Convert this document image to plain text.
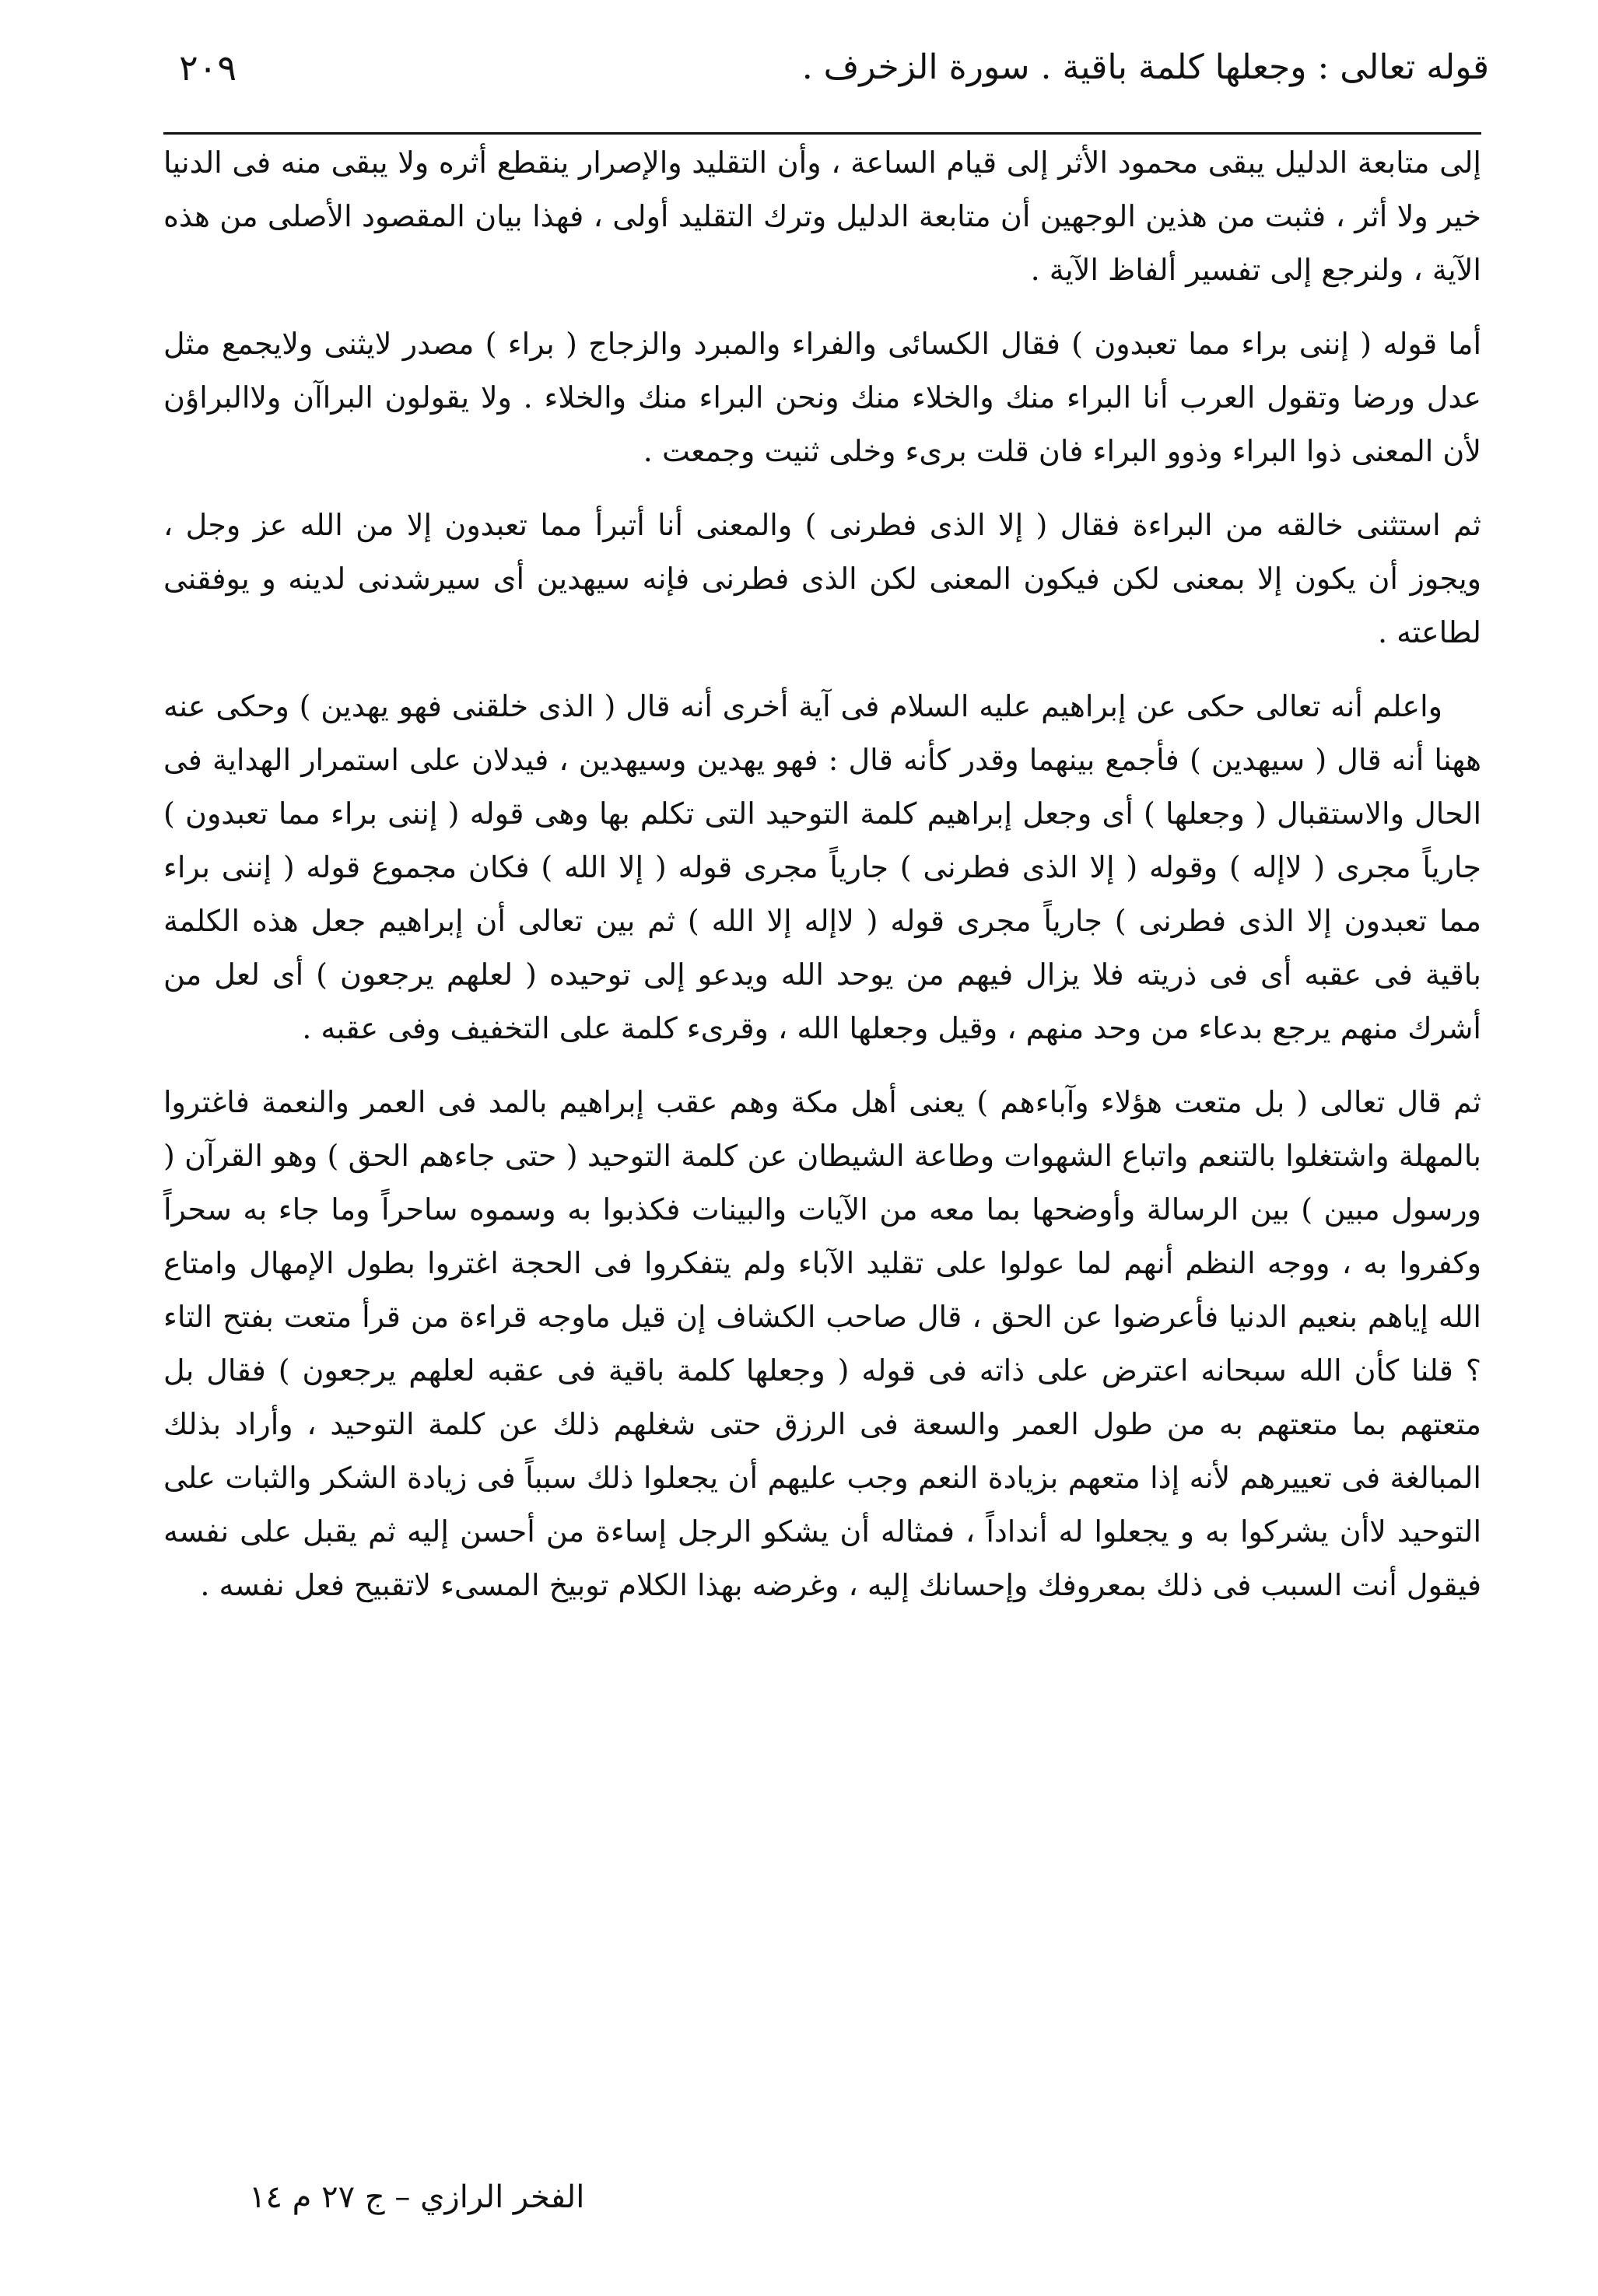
قوله تعالى : وجعلها كلمة باقية . سورة الزخرف .
٢٠٩

إلى متابعة الدليل يبقى محمود الأثر إلى قيام الساعة ، وأن التقليد والإصرار ينقطع أثره ولا يبقى منه فى الدنيا خير ولا أثر ، فثبت من هذين الوجهين أن متابعة الدليل وترك التقليد أولى ، فهذا بيان المقصود الأصلى من هذه الآية ، ولنرجع إلى تفسير ألفاظ الآية .

أما قوله ( إننى براء مما تعبدون ) فقال الكسائى والفراء والمبرد والزجاج ( براء ) مصدر لايثنى ولايجمع مثل عدل ورضا وتقول العرب أنا البراء منك والخلاء منك ونحن البراء منك والخلاء . ولا يقولون البراآن ولاالبراؤن لأن المعنى ذوا البراء وذوو البراء فان قلت برىء وخلى ثنيت وجمعت .

ثم استثنى خالقه من البراءة فقال ( إلا الذى فطرنى ) والمعنى أنا أتبرأ مما تعبدون إلا من الله عز وجل ، ويجوز أن يكون إلا بمعنى لكن فيكون المعنى لكن الذى فطرنى فإنه سيهدين أى سيرشدنى لدينه و يوفقنى لطاعته .

واعلم أنه تعالى حكى عن إبراهيم عليه السلام فى آية أخرى أنه قال ( الذى خلقنى فهو يهدين ) وحكى عنه ههنا أنه قال ( سيهدين ) فأجمع بينهما وقدر كأنه قال : فهو يهدين وسيهدين ، فيدلان على استمرار الهداية فى الحال والاستقبال ( وجعلها ) أى وجعل إبراهيم كلمة التوحيد التى تكلم بها وهى قوله ( إننى براء مما تعبدون ) جارياً مجرى ( لاإله ) وقوله ( إلا الذى فطرنى ) جارياً مجرى قوله ( إلا الله ) فكان مجموع قوله ( إننى براء مما تعبدون إلا الذى فطرنى ) جارياً مجرى قوله ( لاإله إلا الله ) ثم بين تعالى أن إبراهيم جعل هذه الكلمة باقية فى عقبه أى فى ذريته فلا يزال فيهم من يوحد الله ويدعو إلى توحيده ( لعلهم يرجعون ) أى لعل من أشرك منهم يرجع بدعاء من وحد منهم ، وقيل وجعلها الله ، وقرىء كلمة على التخفيف وفى عقبه .

ثم قال تعالى ( بل متعت هؤلاء وآباءهم ) يعنى أهل مكة وهم عقب إبراهيم بالمد فى العمر والنعمة فاغتروا بالمهلة واشتغلوا بالتنعم واتباع الشهوات وطاعة الشيطان عن كلمة التوحيد ( حتى جاءهم الحق ) وهو القرآن ( ورسول مبين ) بين الرسالة وأوضحها بما معه من الآيات والبينات فكذبوا به وسموه ساحراً وما جاء به سحراً وكفروا به ، ووجه النظم أنهم لما عولوا على تقليد الآباء ولم يتفكروا فى الحجة اغتروا بطول الإمهال وامتاع الله إياهم بنعيم الدنيا فأعرضوا عن الحق ، قال صاحب الكشاف إن قيل ماوجه قراءة من قرأ متعت بفتح التاء ؟ قلنا كأن الله سبحانه اعترض على ذاته فى قوله ( وجعلها كلمة باقية فى عقبه لعلهم يرجعون ) فقال بل متعتهم بما متعتهم به من طول العمر والسعة فى الرزق حتى شغلهم ذلك عن كلمة التوحيد ، وأراد بذلك المبالغة فى تعييرهم لأنه إذا متعهم بزيادة النعم وجب عليهم أن يجعلوا ذلك سبباً فى زيادة الشكر والثبات على التوحيد لاأن يشركوا به و يجعلوا له أنداداً ، فمثاله أن يشكو الرجل إساءة من أحسن إليه ثم يقبل على نفسه فيقول أنت السبب فى ذلك بمعروفك وإحسانك إليه ، وغرضه بهذا الكلام توبيخ المسىء لاتقبيح فعل نفسه .

الفخر الرازي – ج ٢٧ م ١٤
